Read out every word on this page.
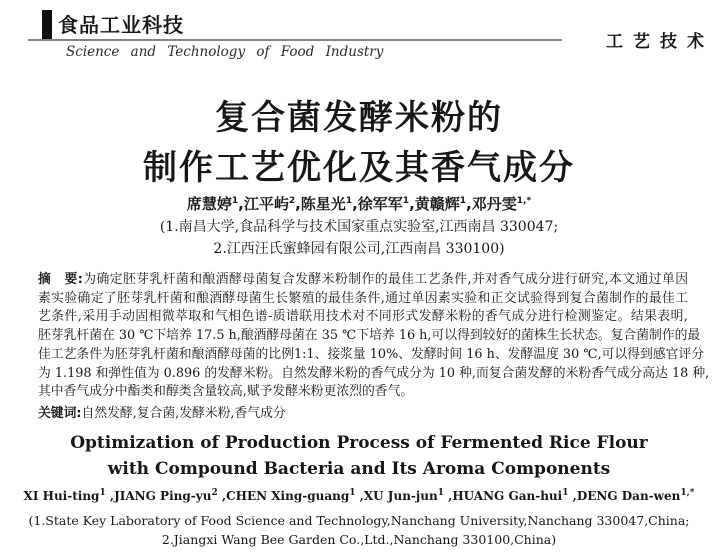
食品工业科技
Science and Technology of Food Industry	工艺技术
复合菌发酵米粉的
制作工艺优化及其香气成分
席慧婷$^1$,江平屿$^2$,陈星光$^1$,徐军军$^1$,黄赣辉$^1$,邓丹雯$^{1,*}$
(1.南昌大学,食品科学与技术国家重点实验室,江西南昌 330047;
2.江西汪氏蜜蜂园有限公司,江西南昌 330100)
摘　要:为确定胚芽乳杆菌和酿酒酵母菌复合发酵米粉制作的最佳工艺条件,并对香气成分进行研究,本文通过单因
素实验确定了胚芽乳杆菌和酿酒酵母菌生长繁殖的最佳条件,通过单因素实验和正交试验得到复合菌制作的最佳工
艺条件,采用手动固相微萃取和气相色谱-质谱联用技术对不同形式发酵米粉的香气成分进行检测鉴定。结果表明,
胚芽乳杆菌在 30 ℃下培养 17.5 h,酿酒酵母菌在 35 ℃下培养 16 h,可以得到较好的菌株生长状态。复合菌制作的最
佳工艺条件为胚芽乳杆菌和酿酒酵母菌的比例1:1、接浆量 10%、发酵时间 16 h、发酵温度 30 ℃,可以得到感官评分
为 1.198 和弹性值为 0.896 的发酵米粉。自然发酵米粉的香气成分为 10 种,而复合菌发酵的米粉香气成分高达 18 种,
其中香气成分中酯类和醇类含量较高,赋予发酵米粉更浓烈的香气。
关键词:自然发酵,复合菌,发酵米粉,香气成分
Optimization of Production Process of Fermented Rice Flour
with Compound Bacteria and Its Aroma Components
XI Hui-ting$^1$ ,JIANG Ping-$yu^2$ ,CHEN Xing-guang$^1$ ,XU Jun-jun$^1$ ,HUANG Gan-hui$^1$ ,DENG Dan-wen$^{1,*}$
(1.State Key Laboratory of Food Science and Technology,Nanchang University,Nanchang 330047,China;
2.Jiangxi Wang Bee Garden Co.,Ltd.,Nanchang 330100,China)
